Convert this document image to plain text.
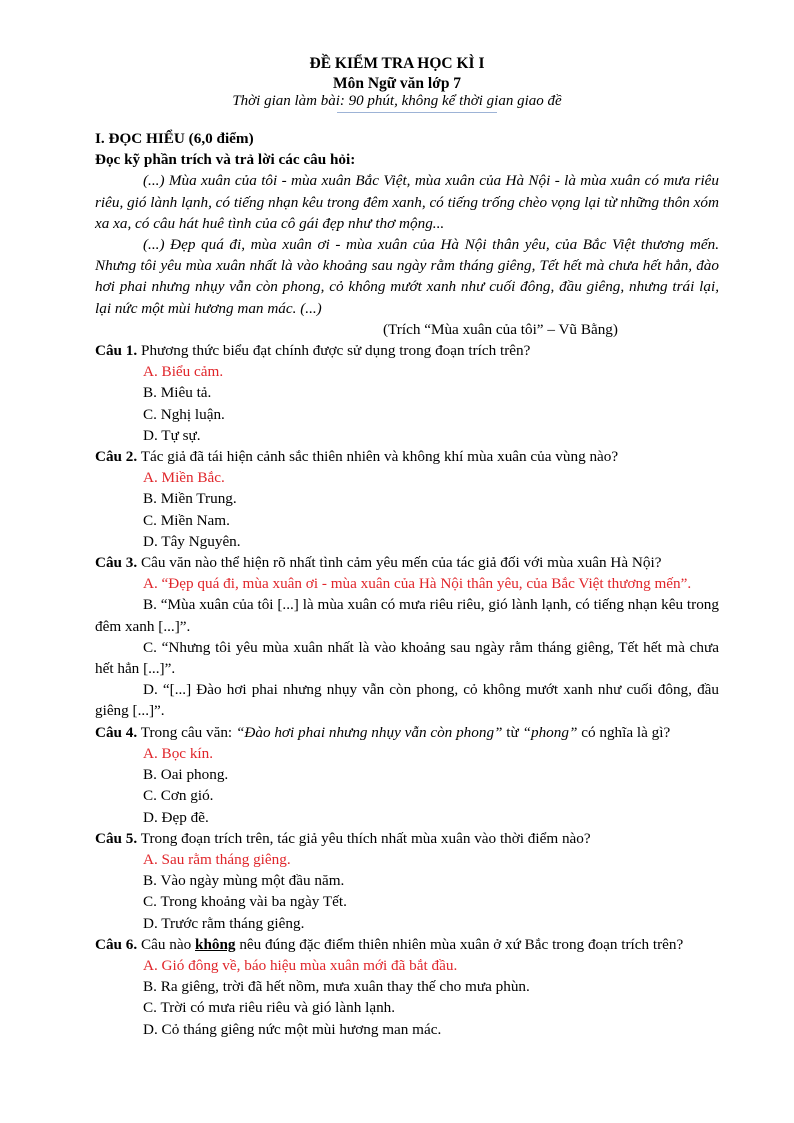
ĐỀ KIỂM TRA HỌC KÌ I
Môn Ngữ văn lớp 7
Thời gian làm bài: 90 phút, không kể thời gian giao đề

I. ĐỌC HIỂU (6,0 điểm)

Đọc kỹ phần trích và trả lời các câu hỏi:

(...) Mùa xuân của tôi - mùa xuân Bắc Việt, mùa xuân của Hà Nội - là mùa xuân có mưa riêu riêu, gió lành lạnh, có tiếng nhạn kêu trong đêm xanh, có tiếng trống chèo vọng lại từ những thôn xóm xa xa, có câu hát huê tình của cô gái đẹp như thơ mộng...

(...) Đẹp quá đi, mùa xuân ơi - mùa xuân của Hà Nội thân yêu, của Bắc Việt thương mến. Nhưng tôi yêu mùa xuân nhất là vào khoảng sau ngày rằm tháng giêng, Tết hết mà chưa hết hẳn, đào hơi phai nhưng nhụy vẫn còn phong, cỏ không mướt xanh như cuối đông, đầu giêng, nhưng trái lại, lại nức một mùi hương man mác. (...)

(Trích “Mùa xuân của tôi” – Vũ Bằng)

Câu 1. Phương thức biểu đạt chính được sử dụng trong đoạn trích trên?

A. Biểu cảm.

B. Miêu tả.

C. Nghị luận.

D. Tự sự.

Câu 2. Tác giả đã tái hiện cảnh sắc thiên nhiên và không khí mùa xuân của vùng nào?

A. Miền Bắc.

B. Miền Trung.

C. Miền Nam.

D. Tây Nguyên.

Câu 3. Câu văn nào thể hiện rõ nhất tình cảm yêu mến của tác giả đối với mùa xuân Hà Nội?

A. “Đẹp quá đi, mùa xuân ơi - mùa xuân của Hà Nội thân yêu, của Bắc Việt thương mến”.

B. “Mùa xuân của tôi [...] là mùa xuân có mưa riêu riêu, gió lành lạnh, có tiếng nhạn kêu trong đêm xanh [...]”.

C. “Nhưng tôi yêu mùa xuân nhất là vào khoảng sau ngày rằm tháng giêng, Tết hết mà chưa hết hẳn [...]”.

D. “[...] Đào hơi phai nhưng nhụy vẫn còn phong, cỏ không mướt xanh như cuối đông, đầu giêng [...]”.

Câu 4. Trong câu văn: “Đào hơi phai nhưng nhụy vẫn còn phong” từ “phong” có nghĩa là gì?

A. Bọc kín.

B. Oai phong.

C. Cơn gió.

D. Đẹp đẽ.

Câu 5. Trong đoạn trích trên, tác giả yêu thích nhất mùa xuân vào thời điểm nào?

A. Sau rằm tháng giêng.

B. Vào ngày mùng một đầu năm.

C. Trong khoảng vài ba ngày Tết.

D. Trước rằm tháng giêng.

Câu 6. Câu nào không nêu đúng đặc điểm thiên nhiên mùa xuân ở xứ Bắc trong đoạn trích trên?

A. Gió đông về, báo hiệu mùa xuân mới đã bắt đầu.

B. Ra giêng, trời đã hết nồm, mưa xuân thay thế cho mưa phùn.

C. Trời có mưa riêu riêu và gió lành lạnh.

D. Cỏ tháng giêng nức một mùi hương man mác.
